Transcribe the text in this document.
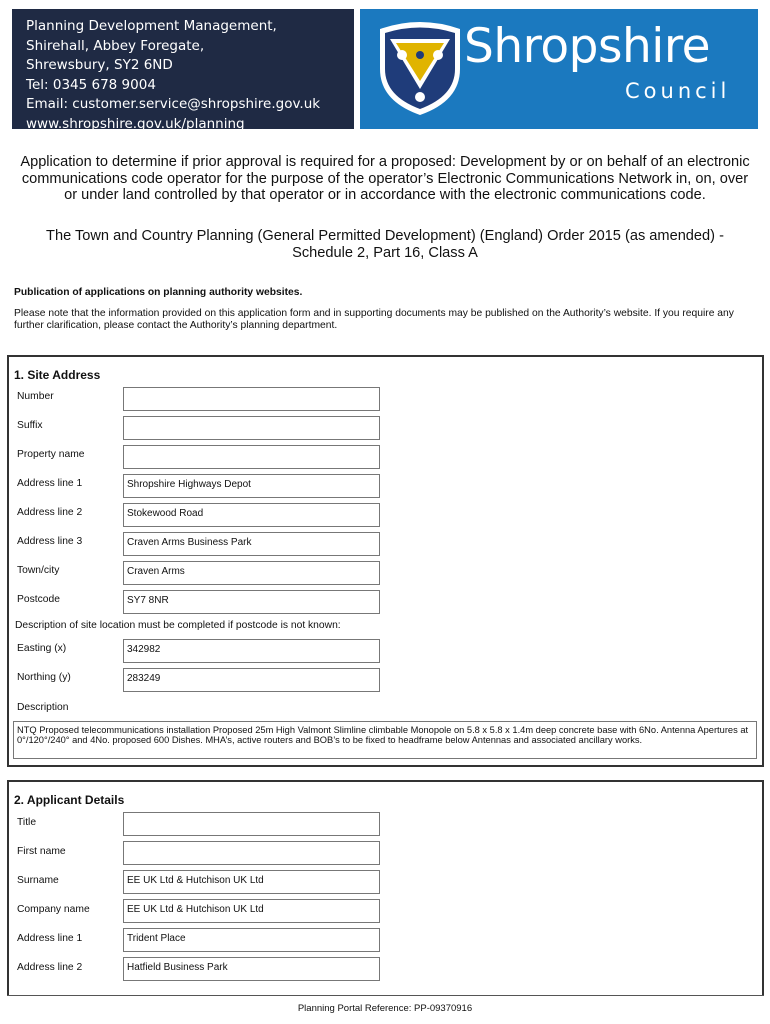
Planning Development Management,
Shirehall, Abbey Foregate,
Shrewsbury, SY2 6ND
Tel: 0345 678 9004
Email: customer.service@shropshire.gov.uk
www.shropshire.gov.uk/planning
Shropshire
Council
Application to determine if prior approval is required for a proposed: Development by or on behalf of an electronic communications code operator for the purpose of the operator’s Electronic Communications Network in, on, over or under land controlled by that operator or in accordance with the electronic communications code.
The Town and Country Planning (General Permitted Development) (England) Order 2015 (as amended) - Schedule 2, Part 16, Class A
Publication of applications on planning authority websites.
Please note that the information provided on this application form and in supporting documents may be published on the Authority’s website. If you require any further clarification, please contact the Authority’s planning department.
1. Site Address
Number
Suffix
Property name
Address line 1	Shropshire Highways Depot
Address line 2	Stokewood Road
Address line 3	Craven Arms Business Park
Town/city	Craven Arms
Postcode	SY7 8NR
Description of site location must be completed if postcode is not known:
Easting (x)	342982
Northing (y)	283249
Description
NTQ Proposed telecommunications installation Proposed 25m High Valmont Slimline climbable Monopole on 5.8 x 5.8 x 1.4m deep concrete base with 6No. Antenna Apertures at 0°/120°/240° and 4No. proposed 600 Dishes. MHA’s, active routers and BOB’s to be fixed to headframe below Antennas and associated ancillary works.
2. Applicant Details
Title
First name
Surname	EE UK Ltd & Hutchison UK Ltd
Company name	EE UK Ltd & Hutchison UK Ltd
Address line 1	Trident Place
Address line 2	Hatfield Business Park
Planning Portal Reference: PP-09370916
